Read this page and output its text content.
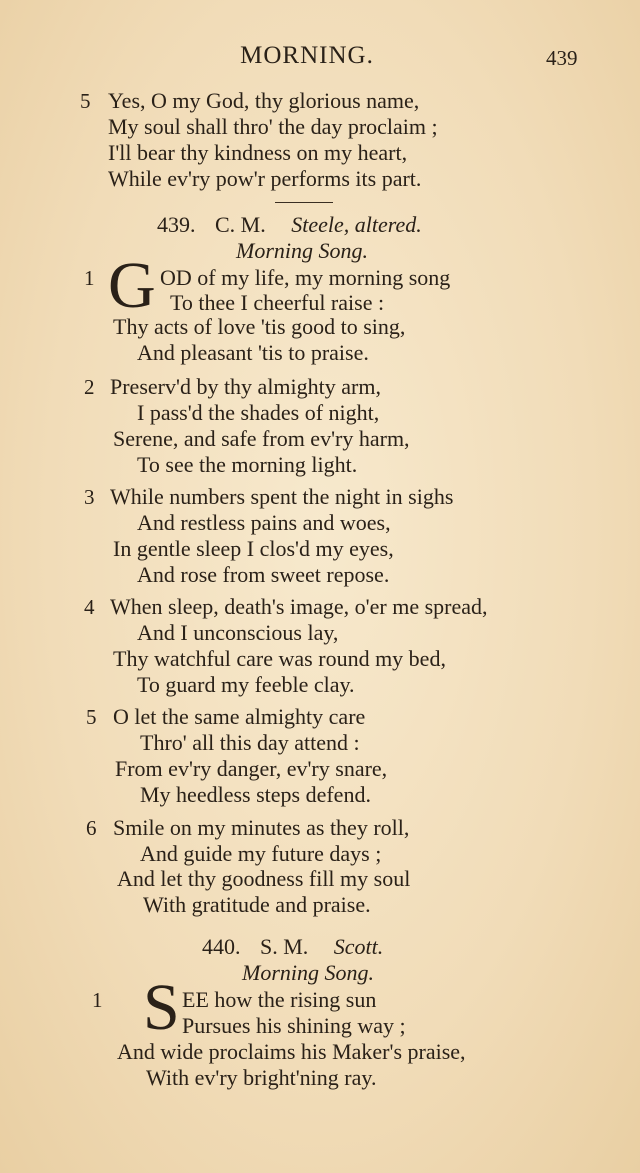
MORNING.	439
5 Yes, O my God, thy glorious name,
My soul shall thro' the day proclaim ;
I'll bear thy kindness on my heart,
While ev'ry pow'r performs its part.
439. C. M. Steele, altered.
Morning Song.
1 G OD of my life, my morning song
To thee I cheerful raise :
Thy acts of love 'tis good to sing,
And pleasant 'tis to praise.
2 Preserv'd by thy almighty arm,
I pass'd the shades of night,
Serene, and safe from ev'ry harm,
To see the morning light.
3 While numbers spent the night in sighs
And restless pains and woes,
In gentle sleep I clos'd my eyes,
And rose from sweet repose.
4 When sleep, death's image, o'er me spread,
And I unconscious lay,
Thy watchful care was round my bed,
To guard my feeble clay.
5 O let the same almighty care
Thro' all this day attend :
From ev'ry danger, ev'ry snare,
My heedless steps defend.
6 Smile on my minutes as they roll,
And guide my future days ;
And let thy goodness fill my soul
With gratitude and praise.
440. S. M. Scott.
Morning Song.
1 S EE how the rising sun
Pursues his shining way ;
And wide proclaims his Maker's praise,
With ev'ry bright'ning ray.
